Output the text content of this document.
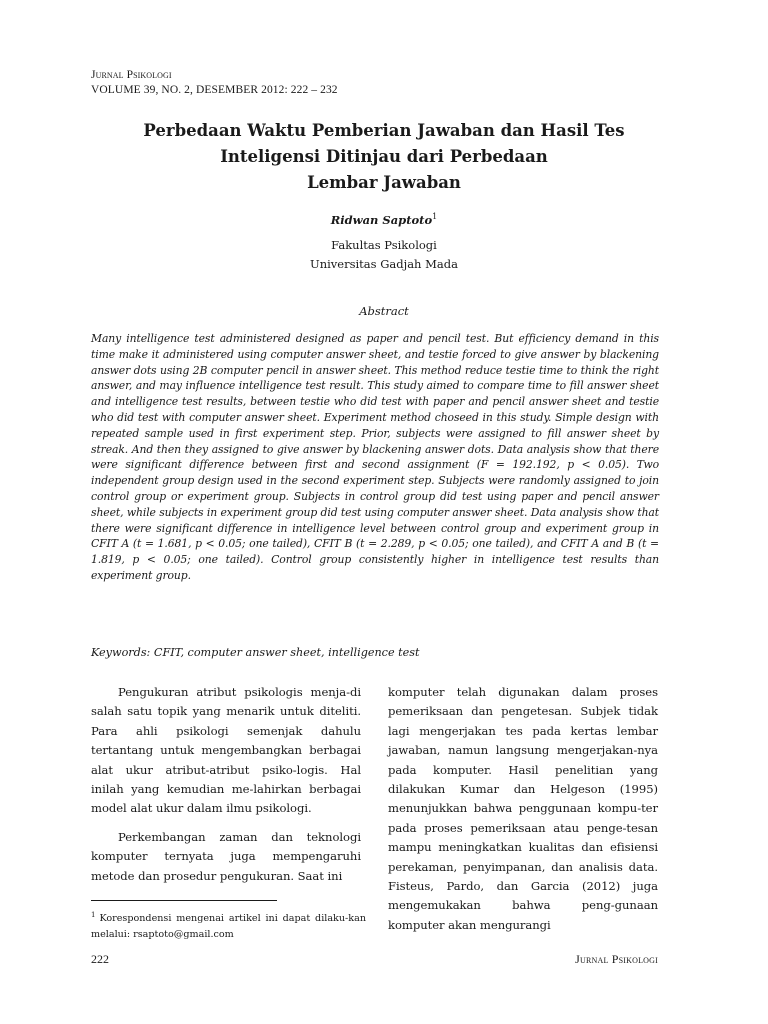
Jurnal Psikologi
VOLUME 39, NO. 2, DESEMBER 2012: 222 – 232
Perbedaan Waktu Pemberian Jawaban dan Hasil Tes
Inteligensi Ditinjau dari Perbedaan
Lembar Jawaban
Ridwan Saptoto$^1$
Fakultas Psikologi
Universitas Gadjah Mada
Abstract
Many intelligence test administered designed as paper and pencil test. But efficiency demand in this time make it administered using computer answer sheet, and testie forced to give answer by blackening answer dots using 2B computer pencil in answer sheet. This method reduce testie time to think the right answer, and may influence intelligence test result. This study aimed to compare time to fill answer sheet and intelligence test results, between testie who did test with paper and pencil answer sheet and testie who did test with computer answer sheet. Experiment method choseed in this study. Simple design with repeated sample used in first experiment step. Prior, subjects were assigned to fill answer sheet by streak. And then they assigned to give answer by blackening answer dots. Data analysis show that there were significant difference between first and second assignment (F = 192.192, p < 0.05). Two independent group design used in the second experiment step. Subjects were randomly assigned to join control group or experiment group. Subjects in control group did test using paper and pencil answer sheet, while subjects in experiment group did test using computer answer sheet. Data analysis show that there were significant difference in intelligence level between control group and experiment group in CFIT A (t = 1.681, p < 0.05; one tailed), CFIT B (t = 2.289, p < 0.05; one tailed), and CFIT A and B (t = 1.819, p < 0.05; one tailed). Control group consistently higher in intelligence test results than experiment group.
Keywords: CFIT, computer answer sheet, intelligence test

Pengukuran atribut psikologis menja-di salah satu topik yang menarik untuk diteliti. Para ahli psikologi semenjak dahulu tertantang untuk mengembangkan berbagai alat ukur atribut-atribut psiko-logis. Hal inilah yang kemudian me-lahirkan berbagai model alat ukur dalam ilmu psikologi.

Perkembangan zaman dan teknologi komputer ternyata juga mempengaruhi metode dan prosedur pengukuran. Saat ini

komputer telah digunakan dalam proses pemeriksaan dan pengetesan. Subjek tidak lagi mengerjakan tes pada kertas lembar jawaban, namun langsung mengerjakan-nya pada komputer. Hasil penelitian yang dilakukan Kumar dan Helgeson (1995) menunjukkan bahwa penggunaan kompu-ter pada proses pemeriksaan atau penge-tesan mampu meningkatkan kualitas dan efisiensi perekaman, penyimpanan, dan analisis data. Fisteus, Pardo, dan Garcia (2012) juga mengemukakan bahwa peng-gunaan komputer akan mengurangi

$^1$ Korespondensi mengenai artikel ini dapat dilaku-kan melalui: rsaptoto@gmail.com
222	Jurnal Psikologi
